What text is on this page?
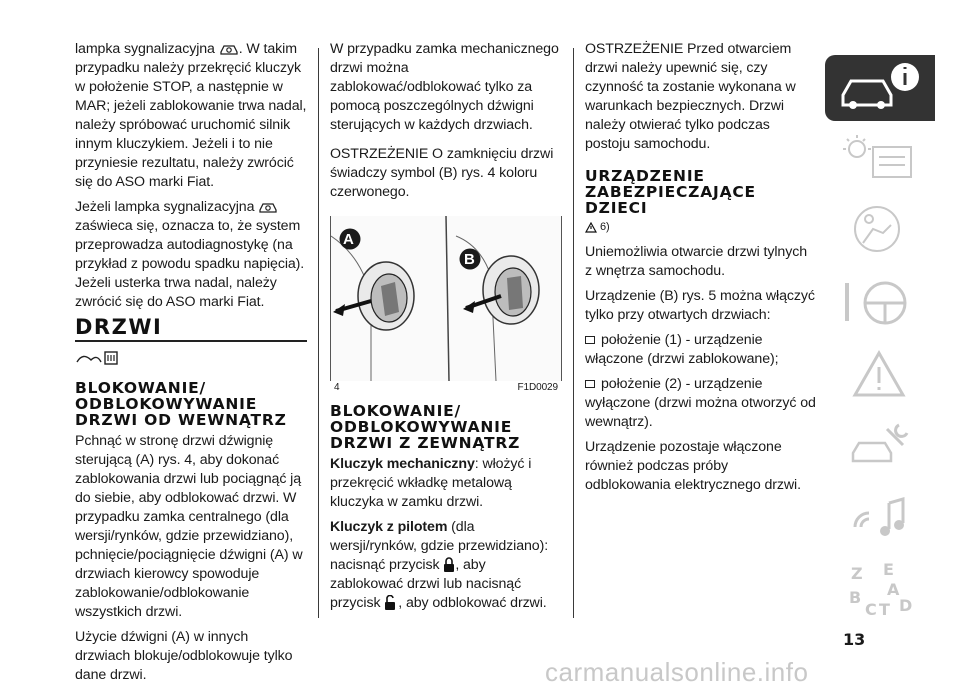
lampka sygnalizacyjna . W takim przypadku należy przekręcić kluczyk w położenie STOP, a następnie w MAR; jeżeli zablokowanie trwa nadal, należy spróbować uruchomić silnik innym kluczykiem. Jeżeli i to nie przyniesie rezultatu, należy zwrócić się do ASO marki Fiat.

Jeżeli lampka sygnalizacyjna  zaświeca się, oznacza to, że system przeprowadza autodiagnostykę (na przykład z powodu spadku napięcia). Jeżeli usterka trwa nadal, należy zwrócić się do ASO marki Fiat.

DRZWI
BLOKOWANIE/ ODBLOKOWYWANIE DRZWI OD WEWNĄTRZ

Pchnąć w stronę drzwi dźwignię sterującą (A) rys. 4, aby dokonać zablokowania drzwi lub pociągnąć ją do siebie, aby odblokować drzwi. W przypadku zamka centralnego (dla wersji/rynków, gdzie przewidziano), pchnięcie/pociągnięcie dźwigni (A) w drzwiach kierowcy spowoduje zablokowanie/odblokowanie wszystkich drzwi.

Użycie dźwigni (A) w innych drzwiach blokuje/odblokowuje tylko dane drzwi.

W przypadku zamka mechanicznego drzwi można zablokować/odblokować tylko za pomocą poszczególnych dźwigni sterujących w każdych drzwiach.

OSTRZEŻENIE O zamknięciu drzwi świadczy symbol (B) rys. 4 koloru czerwonego.

A
B
4	F1D0029
BLOKOWANIE/ ODBLOKOWYWANIE DRZWI Z ZEWNĄTRZ

Kluczyk mechaniczny: włożyć i przekręcić wkładkę metalową kluczyka w zamku drzwi.

Kluczyk z pilotem (dla wersji/rynków, gdzie przewidziano): nacisnąć przycisk , aby zablokować drzwi lub nacisnąć przycisk , aby odblokować drzwi.

OSTRZEŻENIE Przed otwarciem drzwi należy upewnić się, czy czynność ta zostanie wykonana w warunkach bezpiecznych. Drzwi należy otwierać tylko podczas postoju samochodu.

URZĄDZENIE ZABEZPIECZAJĄCE DZIECI
6)

Uniemożliwia otwarcie drzwi tylnych z wnętrza samochodu.

Urządzenie (B) rys. 5 można włączyć tylko przy otwartych drzwiach:

położenie (1) - urządzenie włączone (drzwi zablokowane);

położenie (2) - urządzenie wyłączone (drzwi można otworzyć od wewnątrz).

Urządzenie pozostaje włączone również podczas próby odblokowania elektrycznego drzwi.

Z E
A
B
C T D
13
carmanualsonline.info
